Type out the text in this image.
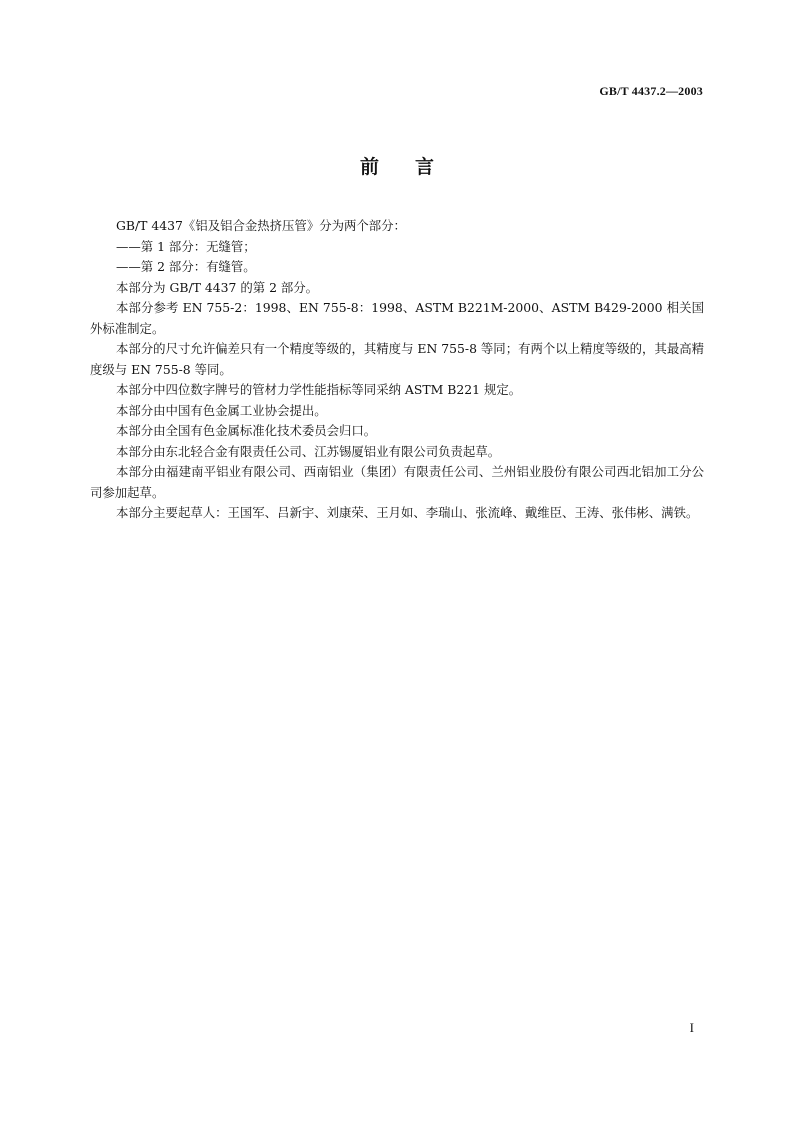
GB/T 4437.2—2003
前言

GB/T 4437《铝及铝合金热挤压管》分为两个部分：

——第 1 部分：无缝管；

——第 2 部分：有缝管。

本部分为 GB/T 4437 的第 2 部分。

本部分参考 EN 755-2：1998、EN 755-8：1998、ASTM B221M-2000、ASTM B429-2000 相关国外标准制定。

本部分的尺寸允许偏差只有一个精度等级的，其精度与 EN 755-8 等同；有两个以上精度等级的，其最高精度级与 EN 755-8 等同。

本部分中四位数字牌号的管材力学性能指标等同采纳 ASTM B221 规定。

本部分由中国有色金属工业协会提出。

本部分由全国有色金属标准化技术委员会归口。

本部分由东北轻合金有限责任公司、江苏锡厦铝业有限公司负责起草。

本部分由福建南平铝业有限公司、西南铝业（集团）有限责任公司、兰州铝业股份有限公司西北铝加工分公司参加起草。

本部分主要起草人：王国军、吕新宇、刘康荣、王月如、李瑞山、张流峰、戴维臣、王涛、张伟彬、满铁。

I
